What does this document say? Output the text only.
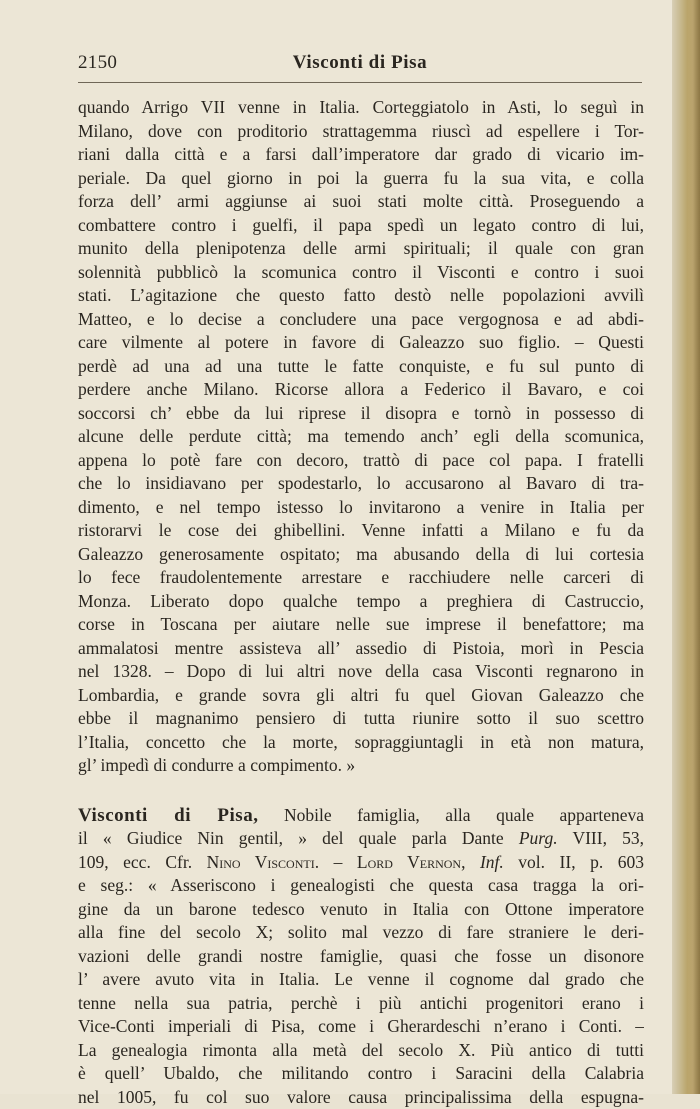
2150	Visconti di Pisa
quando Arrigo VII venne in Italia. Corteggiatolo in Asti, lo seguì in
Milano, dove con proditorio strattagemma riuscì ad espellere i Tor-
riani dalla città e a farsi dall’imperatore dar grado di vicario im-
periale. Da quel giorno in poi la guerra fu la sua vita, e colla
forza dell’ armi aggiunse ai suoi stati molte città. Proseguendo a
combattere contro i guelfi, il papa spedì un legato contro di lui,
munito della plenipotenza delle armi spirituali; il quale con gran
solennità pubblicò la scomunica contro il Visconti e contro i suoi
stati. L’agitazione che questo fatto destò nelle popolazioni avvilì
Matteo, e lo decise a concludere una pace vergognosa e ad abdi-
care vilmente al potere in favore di Galeazzo suo figlio. – Questi
perdè ad una ad una tutte le fatte conquiste, e fu sul punto di
perdere anche Milano. Ricorse allora a Federico il Bavaro, e coi
soccorsi ch’ ebbe da lui riprese il disopra e tornò in possesso di
alcune delle perdute città; ma temendo anch’ egli della scomunica,
appena lo potè fare con decoro, trattò di pace col papa. I fratelli
che lo insidiavano per spodestarlo, lo accusarono al Bavaro di tra-
dimento, e nel tempo istesso lo invitarono a venire in Italia per
ristorarvi le cose dei ghibellini. Venne infatti a Milano e fu da
Galeazzo generosamente ospitato; ma abusando della di lui cortesia
lo fece fraudolentemente arrestare e racchiudere nelle carceri di
Monza. Liberato dopo qualche tempo a preghiera di Castruccio,
corse in Toscana per aiutare nelle sue imprese il benefattore; ma
ammalatosi mentre assisteva all’ assedio di Pistoia, morì in Pescia
nel 1328. – Dopo di lui altri nove della casa Visconti regnarono in
Lombardia, e grande sovra gli altri fu quel Giovan Galeazzo che
ebbe il magnanimo pensiero di tutta riunire sotto il suo scettro
l’Italia, concetto che la morte, sopraggiuntagli in età non matura,
gl’ impedì di condurre a compimento. »
Visconti di Pisa, Nobile famiglia, alla quale apparteneva
il « Giudice Nin gentil, » del quale parla Dante Purg. VIII, 53,
109, ecc. Cfr. Nino Visconti. – Lord Vernon, Inf. vol. II, p. 603
e seg.: « Asseriscono i genealogisti che questa casa tragga la ori-
gine da un barone tedesco venuto in Italia con Ottone imperatore
alla fine del secolo X; solito mal vezzo di fare straniere le deri-
vazioni delle grandi nostre famiglie, quasi che fosse un disonore
l’ avere avuto vita in Italia. Le venne il cognome dal grado che
tenne nella sua patria, perchè i più antichi progenitori erano i
Vice-Conti imperiali di Pisa, come i Gherardeschi n’erano i Conti. –
La genealogia rimonta alla metà del secolo X. Più antico di tutti
è quell’ Ubaldo, che militando contro i Saracini della Calabria
nel 1005, fu col suo valore causa principalissima della espugna-
